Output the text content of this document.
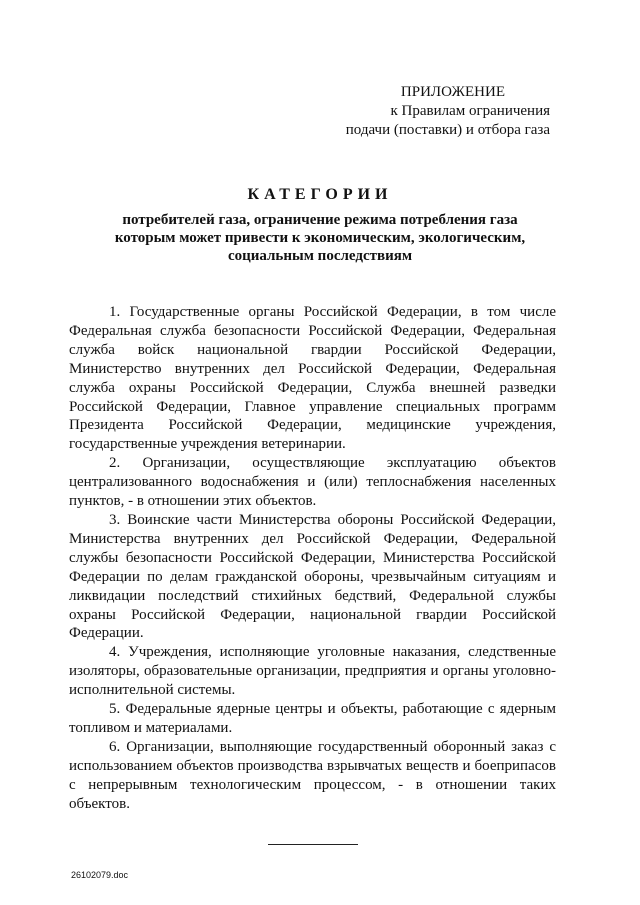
ПРИЛОЖЕНИЕ
к Правилам ограничения
подачи (поставки) и отбора газа
КАТЕГОРИИ
потребителей газа, ограничение режима потребления газа
которым может привести к экономическим, экологическим,
социальным последствиям

1. Государственные органы Российской Федерации, в том числе Федеральная служба безопасности Российской Федерации, Федеральная служба войск национальной гвардии Российской Федерации, Министерство внутренних дел Российской Федерации, Федеральная служба охраны Российской Федерации, Служба внешней разведки Российской Федерации, Главное управление специальных программ Президента Российской Федерации, медицинские учреждения, государственные учреждения ветеринарии.

2. Организации, осуществляющие эксплуатацию объектов централизованного водоснабжения и (или) теплоснабжения населенных пунктов, - в отношении этих объектов.

3. Воинские части Министерства обороны Российской Федерации, Министерства внутренних дел Российской Федерации, Федеральной службы безопасности Российской Федерации, Министерства Российской Федерации по делам гражданской обороны, чрезвычайным ситуациям и ликвидации последствий стихийных бедствий, Федеральной службы охраны Российской Федерации, национальной гвардии Российской Федерации.

4. Учреждения, исполняющие уголовные наказания, следственные изоляторы, образовательные организации, предприятия и органы уголовно-исполнительной системы.

5. Федеральные ядерные центры и объекты, работающие с ядерным топливом и материалами.

6. Организации, выполняющие государственный оборонный заказ с использованием объектов производства взрывчатых веществ и боеприпасов с непрерывным технологическим процессом, - в отношении таких объектов.

26102079.doc
